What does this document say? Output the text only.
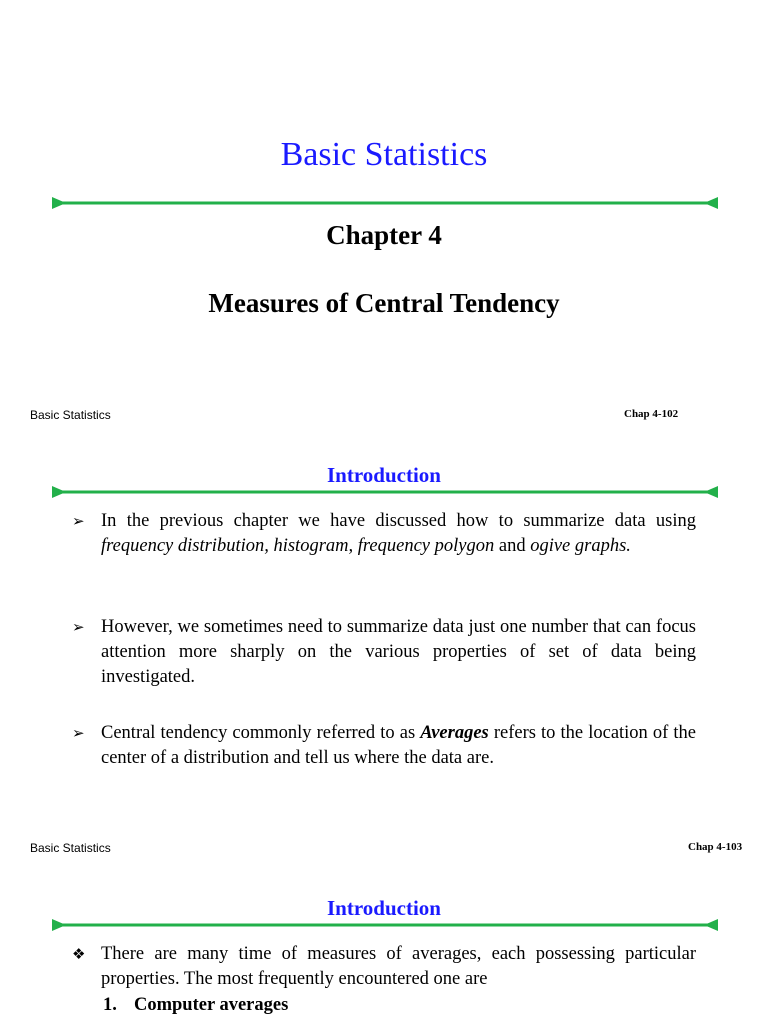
Basic Statistics
Chapter 4
Measures of Central Tendency
Basic Statistics	Chap 4-102
Introduction
➢ In the previous chapter we have discussed how to summarize data using frequency distribution, histogram, frequency polygon and ogive graphs.
➢ However, we sometimes need to summarize data just one number that can focus attention more sharply on the various properties of set of data being investigated.
➢ Central tendency commonly referred to as Averages refers to the location of the center of a distribution and tell us where the data are.
Basic Statistics	Chap 4-103
Introduction
❖ There are many time of measures of averages, each possessing particular properties. The most frequently encountered one are
1. Computer averages
